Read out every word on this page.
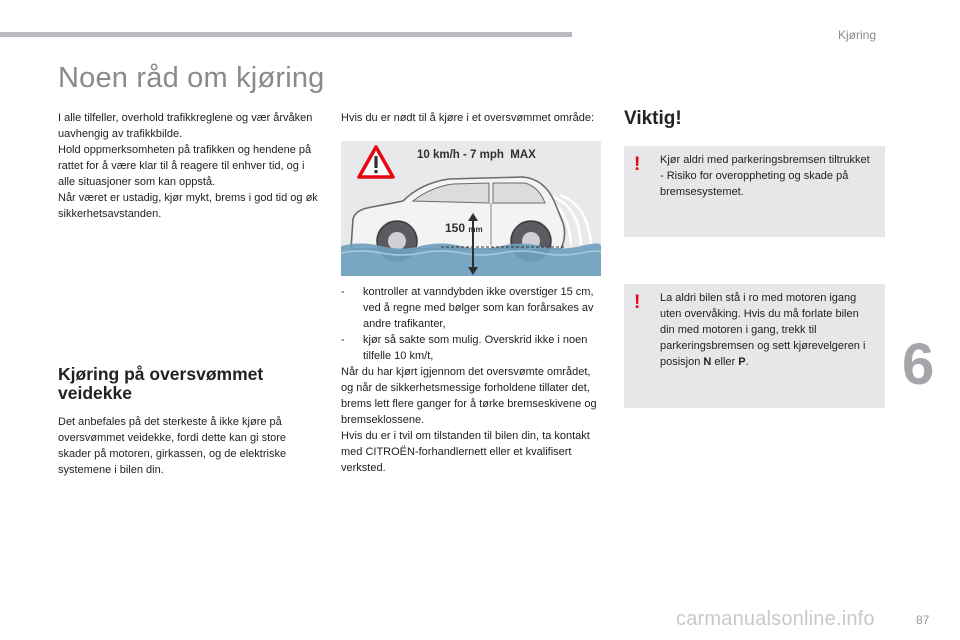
Kjøring
6
87
Noen råd om kjøring
I alle tilfeller, overhold trafikkreglene og vær årvåken uavhengig av trafikkbilde.
Hold oppmerksomheten på trafikken og hendene på rattet for å være klar til å reagere til enhver tid, og i alle situasjoner som kan oppstå.
Når været er ustadig, kjør mykt, brems i god tid og øk sikkerhetsavstanden.
Kjøring på oversvømmet veidekke
Det anbefales på det sterkeste å ikke kjøre på oversvømmet veidekke, fordi dette kan gi store skader på motoren, girkassen, og de elektriske systemene i bilen din.
Hvis du er nødt til å kjøre i et oversvømmet område:
10 km/h - 7 mph  MAX
150 mm
- kontroller at vanndybden ikke overstiger 15 cm, ved å regne med bølger som kan forårsakes av andre trafikanter,
- kjør så sakte som mulig. Overskrid ikke i noen tilfelle 10 km/t,
Når du har kjørt igjennom det oversvømte området, og når de sikkerhetsmessige forholdene tillater det, brems lett flere ganger for å tørke bremseskivene og bremseklossene.
Hvis du er i tvil om tilstanden til bilen din, ta kontakt med CITROËN-forhandlernett eller et kvalifisert verksted.
Viktig!
! Kjør aldri med parkeringsbremsen tiltrukket - Risiko for overoppheting og skade på bremsesystemet.
! La aldri bilen stå i ro med motoren igang uten overvåking. Hvis du må forlate bilen din med motoren i gang, trekk til parkeringsbremsen og sett kjørevelgeren i posisjon N eller P.
carmanualsonline.info
